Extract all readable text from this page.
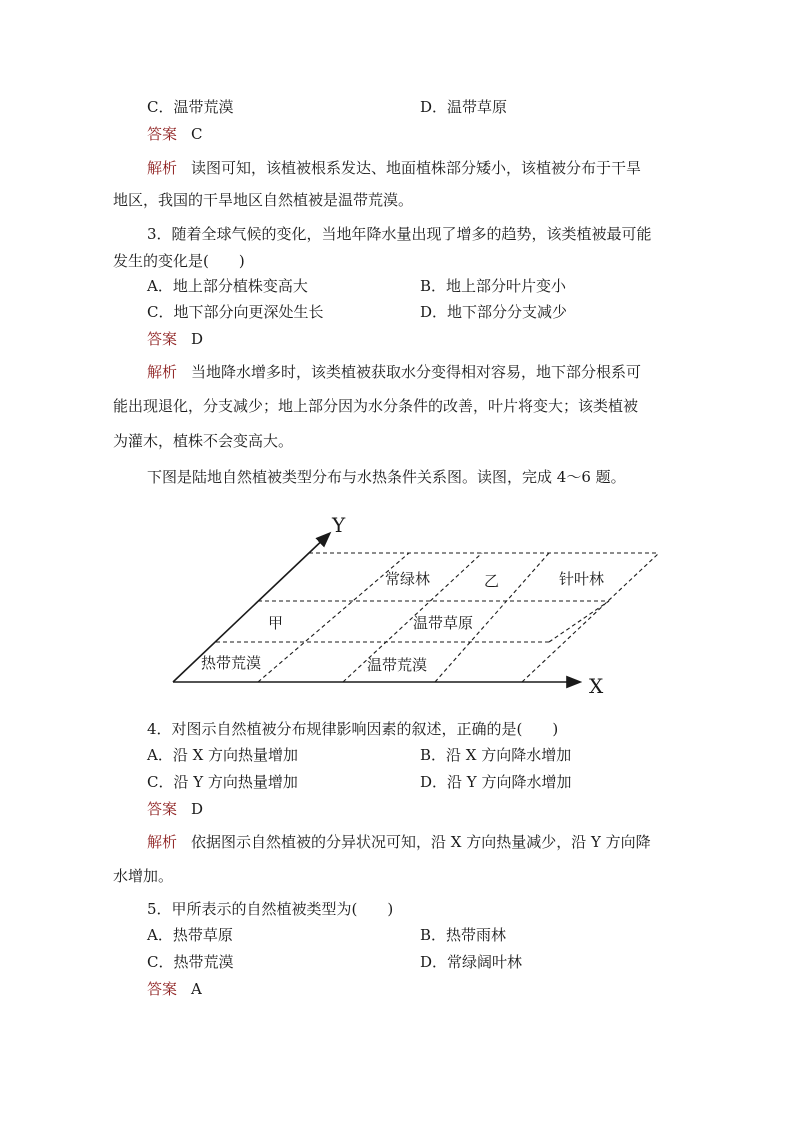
C．温带荒漠	D．温带草原
答案 C
解析 读图可知，该植被根系发达、地面植株部分矮小，该植被分布于干旱
地区，我国的干旱地区自然植被是温带荒漠。
3．随着全球气候的变化，当地年降水量出现了增多的趋势，该类植被最可能
发生的变化是(　　)
A．地上部分植株变高大	B．地上部分叶片变小
C．地下部分向更深处生长	D．地下部分分支减少
答案 D
解析 当地降水增多时，该类植被获取水分变得相对容易，地下部分根系可
能出现退化，分支减少；地上部分因为水分条件的改善，叶片将变大；该类植被
为灌木，植株不会变高大。
下图是陆地自然植被类型分布与水热条件关系图。读图，完成 4～6 题。
Y
X
常绿林	乙	针叶林
甲	温带草原
热带荒漠	温带荒漠
4．对图示自然植被分布规律影响因素的叙述，正确的是(　　)
A．沿 X 方向热量增加	B．沿 X 方向降水增加
C．沿 Y 方向热量增加	D．沿 Y 方向降水增加
答案 D
解析 依据图示自然植被的分异状况可知，沿 X 方向热量减少，沿 Y 方向降
水增加。
5．甲所表示的自然植被类型为(　　)
A．热带草原	B．热带雨林
C．热带荒漠	D．常绿阔叶林
答案 A
